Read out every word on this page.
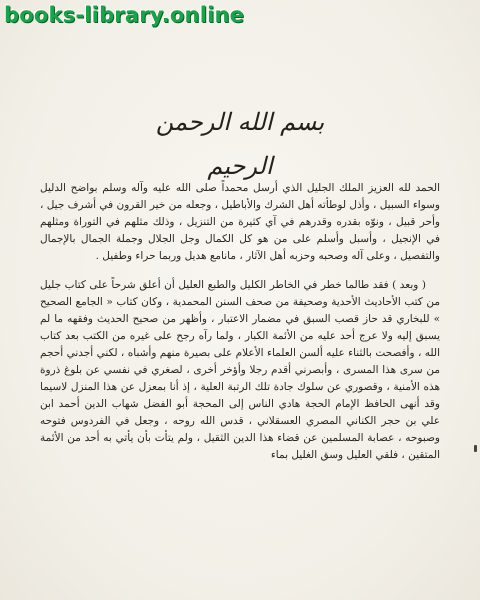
books-library.online

بسم الله الرحمن الرحيم

الحمد لله العزيز الملك الجليل الذي أرسل محمداً صلى الله عليه وآله وسلم بواضح الدليل وسواء السبيل ، وأذل لوطأته أهل الشرك والأباطيل ، وجعله من خير القرون في أشرف جيل ، وأحر قبيل ، ونوّه بقدره وقدرهم في آي كثيرة من التنزيل ، وذلك مثلهم في التوراة ومثلهم في الإنجيل ، وأسبل وأسلم على من هو كل الكمال وجل الجلال وجملة الجمال بالإجمال والتفصيل ، وعلى آله وصحبه وحزبه أهل الآثار ، مانامع هديل وربما حراء وطفيل .

( وبعد ) فقد طالما خطر في الخاطر الكليل والطبع العليل أن أعلق شرحاً على كتاب جليل من كتب الأحاديث الأحدية وصحيفة من صحف السنن المحمدية ، وكان كتاب « الجامع الصحيح » للبخاري قد حاز قصب السبق في مضمار الاعتبار ، وأظهر من صحيح الحديث وفقهه ما لم يسبق إليه ولا عرج أحد عليه من الأئمة الكبار ، ولما رآه رجح على غيره من الكتب بعد كتاب الله ، وأفصحت بالثناء عليه ألسن العلماء الأعلام على بصيرة منهم وأشباه ، لكني أجدني أحجم من سرى هذا المسرى ، وأبصرني أقدم رجلا وأؤخر أخرى ، لصغري في نفسي عن بلوغ ذروة هذه الأمنية ، وقصوري عن سلوك جادة تلك الرتبة العلية ، إذ أنا بمعزل عن هذا المنزل لاسيما وقد أنهى الحافظ الإمام الحجة هادي الناس إلى المحجة أبو الفضل شهاب الدين أحمد ابن علي بن حجر الكناني المصري العسقلاني ، قدس الله روحه ، وجعل في الفردوس فتوحه وصبوحه ، عصابة المسلمين عن قضاء هذا الدين الثقيل ، ولم يتأت بأن يأتي به أحد من الأئمة المتقين ، فلقي العليل وسق الغليل بماء
